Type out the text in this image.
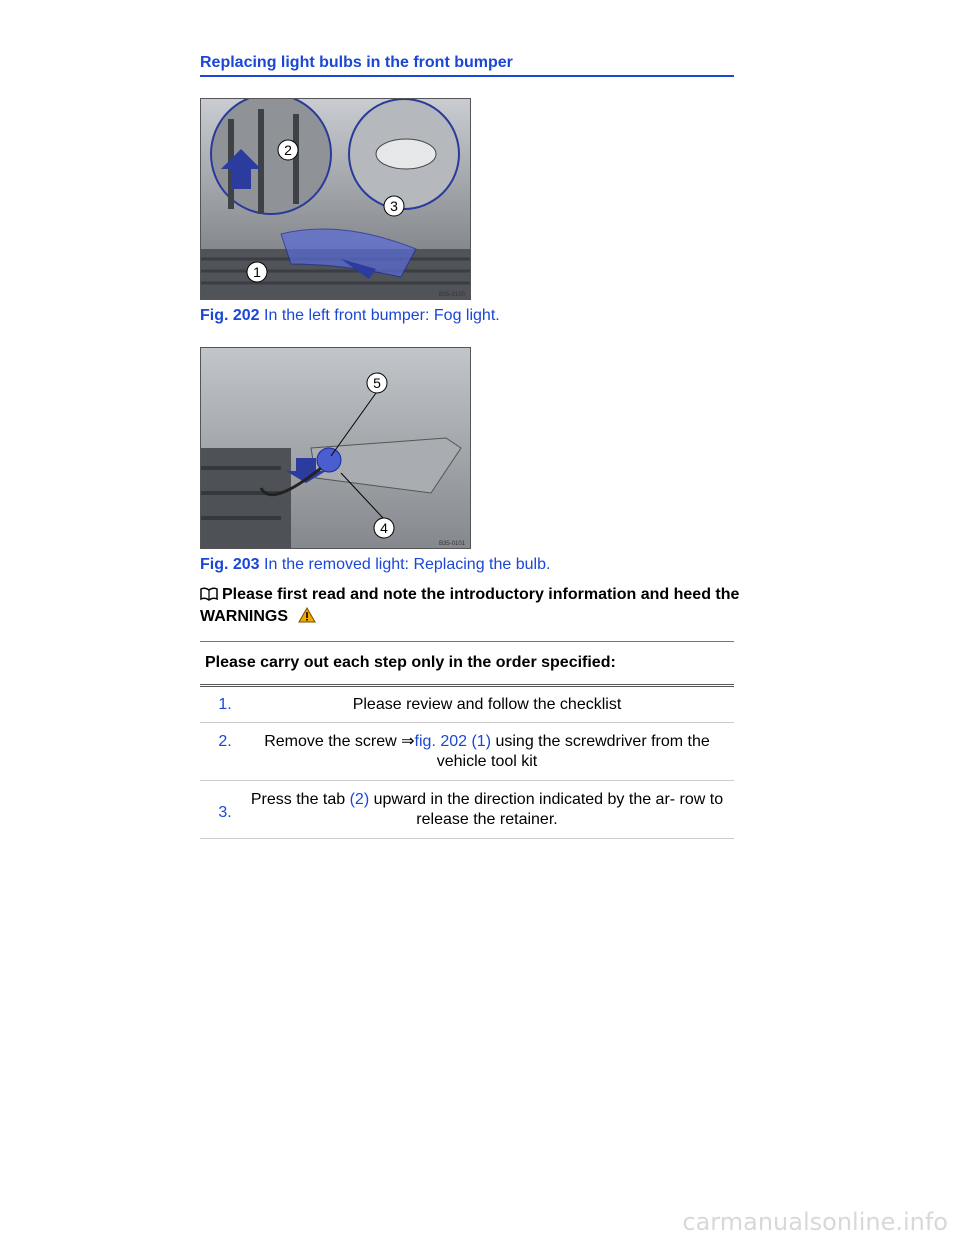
Replacing light bulbs in the front bumper
2
3
1
B35-0100
Fig. 202 In the left front bumper: Fog light.
5
4
B35-0101
Fig. 203 In the removed light: Replacing the bulb.
Please first read and note the introductory information and heed the WARNINGS
Please carry out each step only in the order specified:
1.	Please review and follow the checklist
2.	Remove the screw ⇒fig. 202 (1) using the screwdriver from the vehicle tool kit
3.
Press the tab (2) upward in the direction indicated by the ar- row to release the retainer.
carmanualsonline.info
